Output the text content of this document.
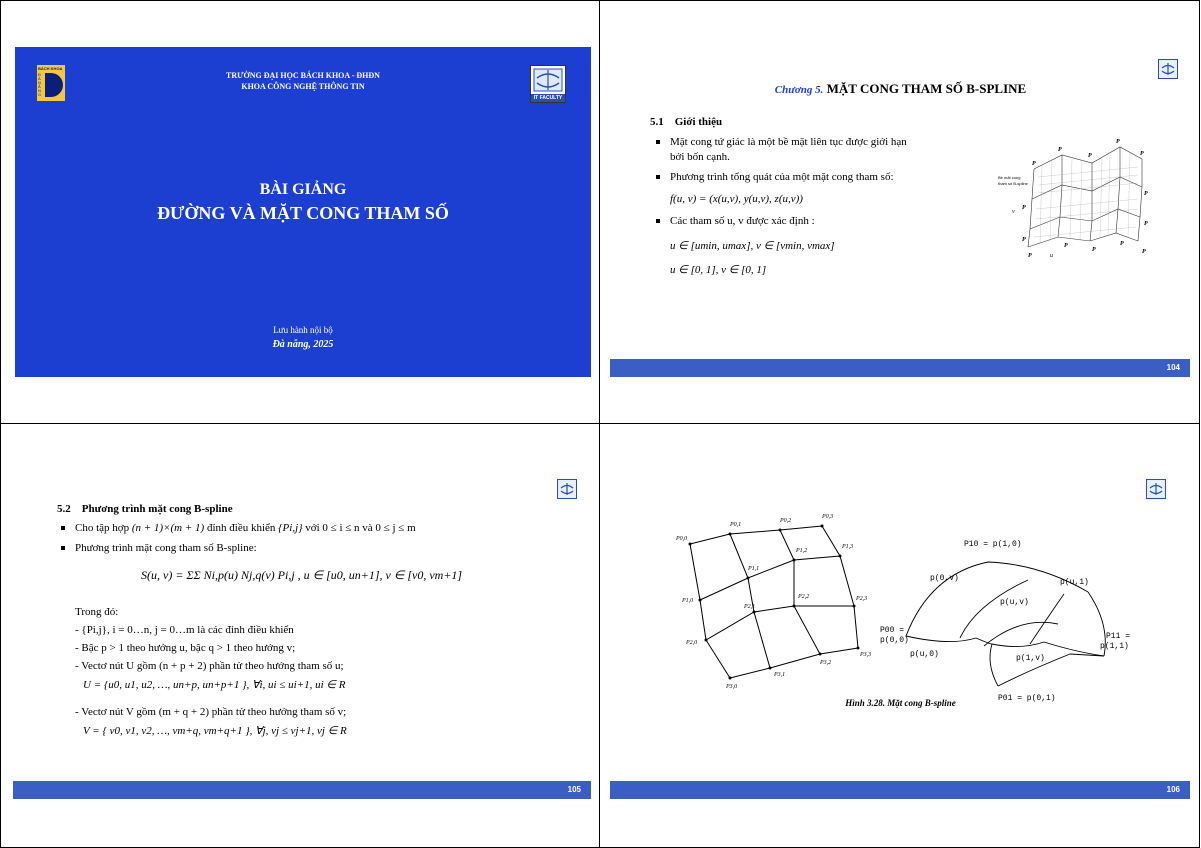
BÁCH KHOA
ĐÀ NẴNG
TRƯỜNG ĐẠI HỌC BÁCH KHOA - ĐHĐN
KHOA CÔNG NGHỆ THÔNG TIN
IT FACULTY
BÀI GIẢNG
ĐƯỜNG VÀ MẶT CONG THAM SỐ
Lưu hành nội bộ
Đà nẵng, 2025
Chương 5. MẶT CONG THAM SỐ B-SPLINE
5.1 Giới thiệu
Mặt cong tứ giác là một bề mặt liên tục được giới hạn
bởi bốn cạnh.
Phương trình tổng quát của một mặt cong tham số:
f(u, v) = (x(u,v), y(u,v), z(u,v))
Các tham số u, v được xác định :
u ∈ [umin, umax], v ∈ [vmin, vmax]
u ∈ [0, 1], v ∈ [0, 1]
Bề mặt cong
tham số B-spline
v
u
P
P
P
P
P
P
P
P
P
P
P
P
P
P
104
5.2 Phương trình mặt cong B-spline
Cho tập hợp (n + 1)×(m + 1) đỉnh điều khiển {Pi,j} với 0 ≤ i ≤ n và 0 ≤ j ≤ m
Phương trình mặt cong tham số B-spline:
S(u, v) = ΣΣ Ni,p(u) Nj,q(v) Pi,j , u ∈ [u0, un+1], v ∈ [v0, vm+1]
Trong đó:
- {Pi,j}, i = 0…n, j = 0…m là các đỉnh điều khiển
- Bậc p > 1 theo hướng u, bậc q > 1 theo hướng v;
- Vectơ nút U gồm (n + p + 2) phần tử theo hướng tham số u;
U = {u0, u1, u2, …, un+p, un+p+1 }, ∀i, ui ≤ ui+1, ui ∈ R
- Vectơ nút V gồm (m + q + 2) phần tử theo hướng tham số v;
V = { v0, v1, v2, …, vm+q, vm+q+1 }, ∀j, vj ≤ vj+1, vj ∈ R
105
P0,0
P0,1
P0,2
P0,3
P1,0
P1,1
P1,2
P1,3
P2,0
P2,1
P2,2	P2,3
P3,0
P3,1
P3,2
P3,3
P10 = p(1,0)
p(0,v)	p(u,1)
p(u,v)
P00 =
p(0,0)
p(u,0)	p(1,v)
P11 =
p(1,1)
P01 = p(0,1)
Hình 3.28. Mặt cong B-spline
106
